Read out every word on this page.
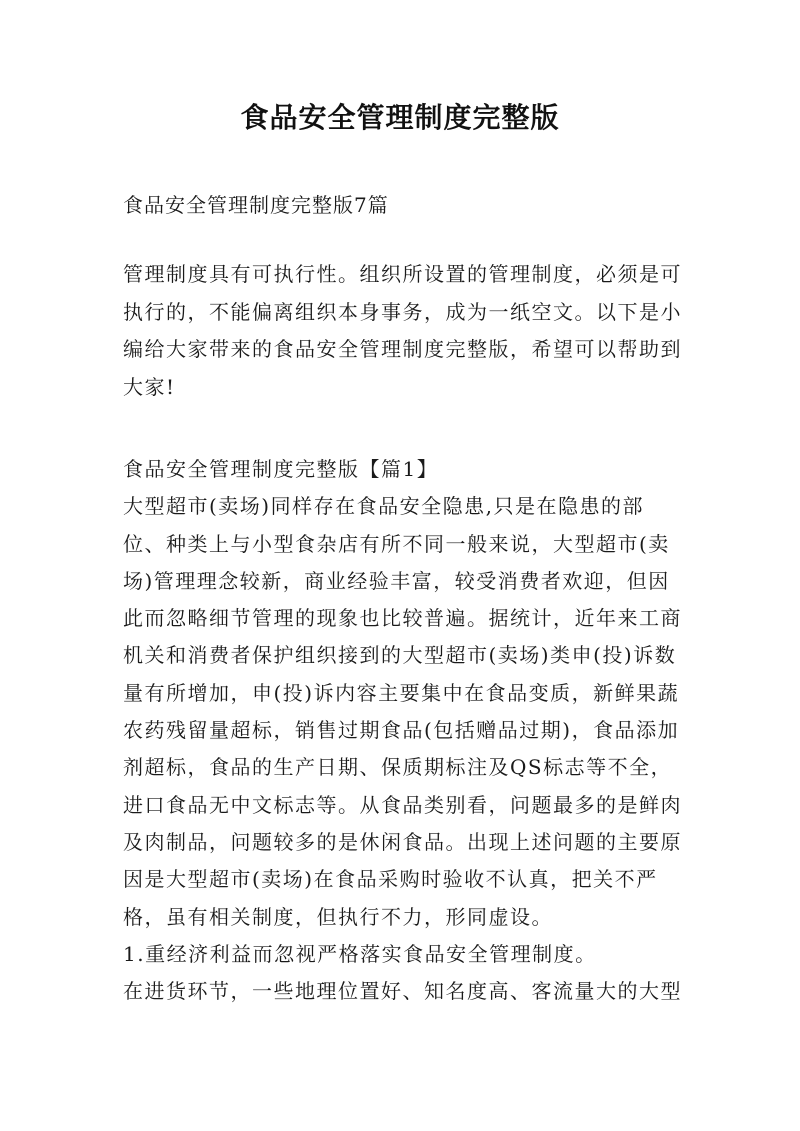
食品安全管理制度完整版
食品安全管理制度完整版7篇

管理制度具有可执行性。组织所设置的管理制度，必须是可执行的，不能偏离组织本身事务，成为一纸空文。以下是小编给大家带来的食品安全管理制度完整版，希望可以帮助到大家!

食品安全管理制度完整版【篇1】

大型超市(卖场)同样存在食品安全隐患,只是在隐患的部位、种类上与小型食杂店有所不同一般来说，大型超市(卖场)管理理念较新，商业经验丰富，较受消费者欢迎，但因此而忽略细节管理的现象也比较普遍。据统计，近年来工商机关和消费者保护组织接到的大型超市(卖场)类申(投)诉数量有所增加，申(投)诉内容主要集中在食品变质，新鲜果蔬农药残留量超标，销售过期食品(包括赠品过期)，食品添加剂超标，食品的生产日期、保质期标注及QS标志等不全，进口食品无中文标志等。从食品类别看，问题最多的是鲜肉及肉制品，问题较多的是休闲食品。出现上述问题的主要原因是大型超市(卖场)在食品采购时验收不认真，把关不严格，虽有相关制度，但执行不力，形同虚设。

1.重经济利益而忽视严格落实食品安全管理制度。

在进货环节，一些地理位置好、知名度高、客流量大的大型
